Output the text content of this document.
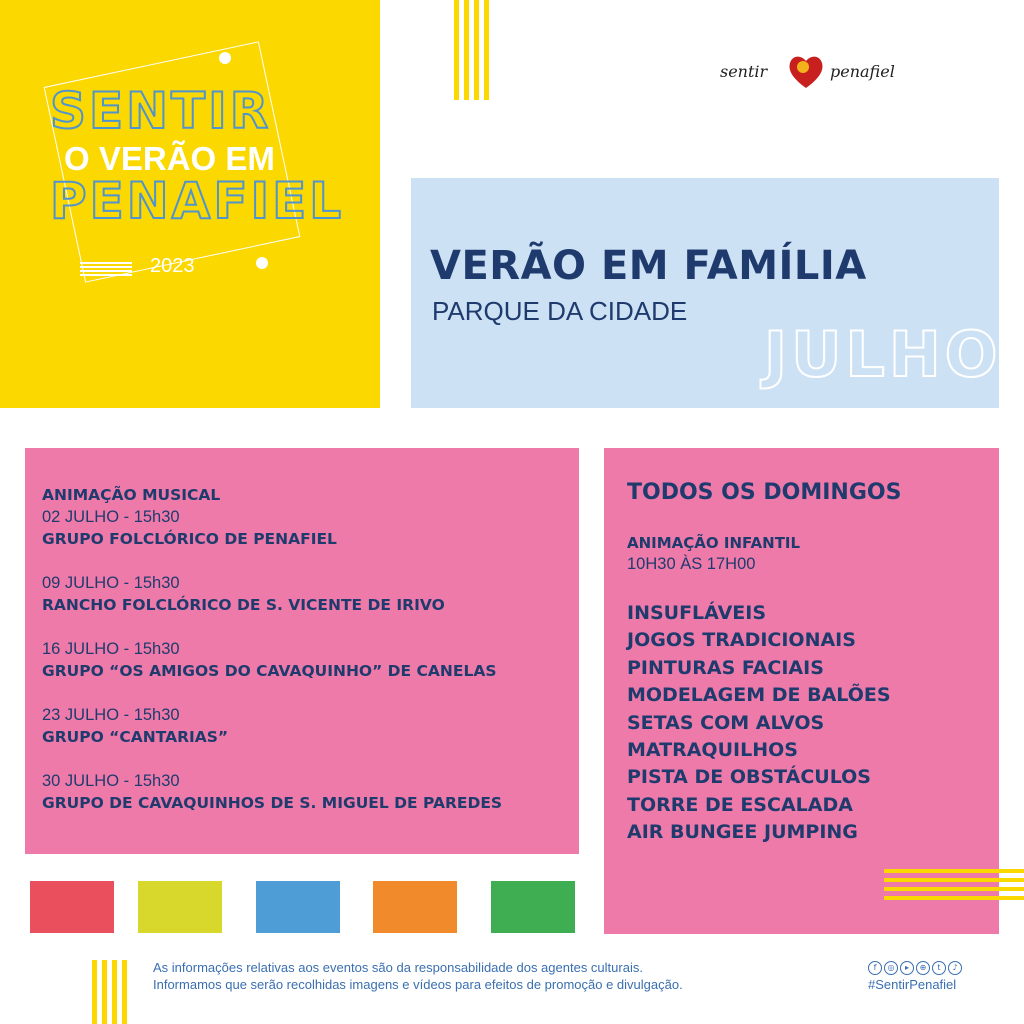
SENTIR
O VERÃO EM
PENAFIEL
2023
sentir	penafiel
VERÃO EM FAMÍLIA
PARQUE DA CIDADE
JULHO
ANIMAÇÃO MUSICAL
02 JULHO - 15h30
GRUPO FOLCLÓRICO DE PENAFIEL
09 JULHO - 15h30
RANCHO FOLCLÓRICO DE S. VICENTE DE IRIVO
16 JULHO - 15h30
GRUPO “OS AMIGOS DO CAVAQUINHO” DE CANELAS
23 JULHO - 15h30
GRUPO “CANTARIAS”
30 JULHO - 15h30
GRUPO DE CAVAQUINHOS DE S. MIGUEL DE PAREDES
TODOS OS DOMINGOS
ANIMAÇÃO INFANTIL
10H30 ÀS 17H00
INSUFLÁVEIS
JOGOS TRADICIONAIS
PINTURAS FACIAIS
MODELAGEM DE BALÕES
SETAS COM ALVOS
MATRAQUILHOS
PISTA DE OBSTÁCULOS
TORRE DE ESCALADA
AIR BUNGEE JUMPING
As informações relativas aos eventos são da responsabilidade dos agentes culturais.
Informamos que serão recolhidas imagens e vídeos para efeitos de promoção e divulgação.
f	◎	▸	⊕	t	♪
#SentirPenafiel
